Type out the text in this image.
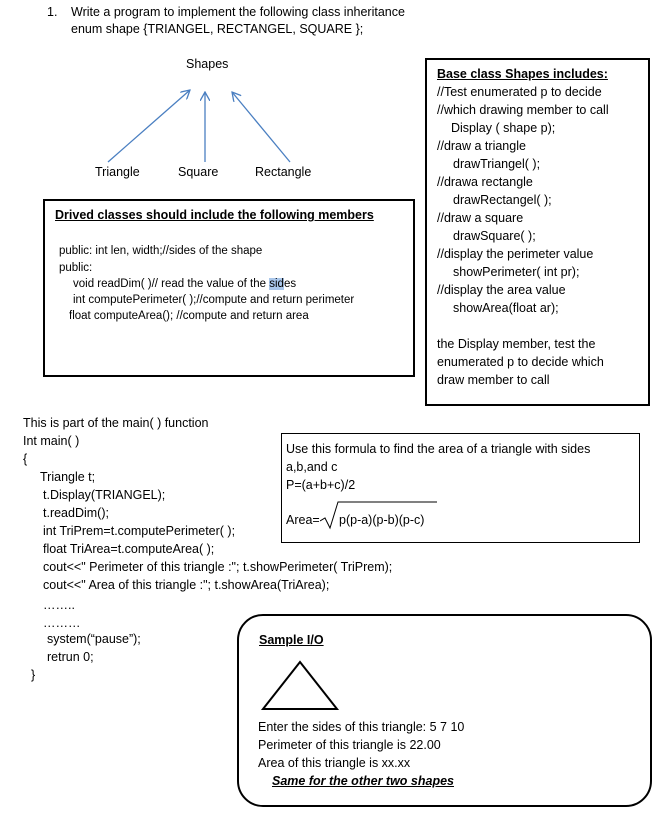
1. Write a program to implement the following class inheritance
enum shape {TRIANGEL, RECTANGEL, SQUARE };
Shapes
Triangle	Square	Rectangle
Drived classes should include the following members
public: int len, width;//sides of the shape
public:
void readDim( )// read the value of the sides
int computePerimeter( );//compute and return perimeter
float computeArea(); //compute and return area
Base class Shapes includes:
//Test enumerated p to decide
//which drawing member to call
Display ( shape p);
//draw a triangle
drawTriangel( );
//drawa rectangle
drawRectangel( );
//draw a square
drawSquare( );
//display the perimeter value
showPerimeter( int pr);
//display the area value
showArea(float ar);
the Display member, test the
enumerated p to decide which
draw member to call
This is part of the main( ) function
Int main( )
{
Triangle t;
t.Display(TRIANGEL);
t.readDim();
int TriPrem=t.computePerimeter( );
float TriArea=t.computeArea( );
cout<<" Perimeter of this triangle :"; t.showPerimeter( TriPrem);
cout<<" Area of this triangle :"; t.showArea(TriArea);
……..
………
system(“pause”);
retrun 0;
}
Use this formula to find the area of a triangle with sides
a,b,and c
P=(a+b+c)/2
Area= p(p-a)(p-b)(p-c)
Sample I/O
Enter the sides of this triangle: 5 7 10
Perimeter of this triangle is 22.00
Area of this triangle is xx.xx
Same for the other two shapes
